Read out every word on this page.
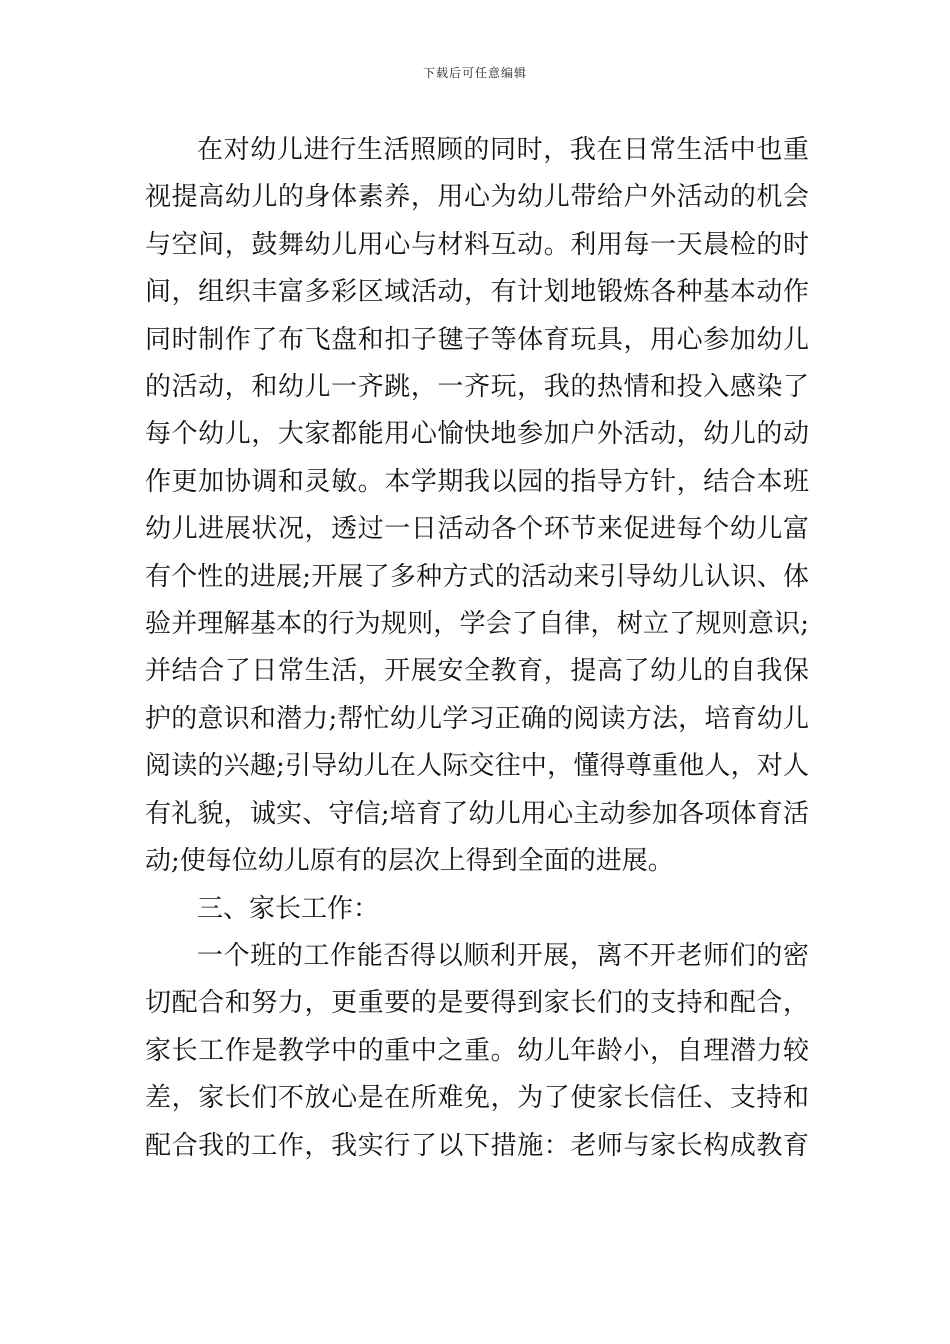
下载后可任意编辑
在对幼儿进行生活照顾的同时，我在日常生活中也重
视提高幼儿的身体素养，用心为幼儿带给户外活动的机会
与空间，鼓舞幼儿用心与材料互动。利用每一天晨检的时
间，组织丰富多彩区域活动，有计划地锻炼各种基本动作
同时制作了布飞盘和扣子毽子等体育玩具，用心参加幼儿
的活动，和幼儿一齐跳，一齐玩，我的热情和投入感染了
每个幼儿，大家都能用心愉快地参加户外活动，幼儿的动
作更加协调和灵敏。本学期我以园的指导方针，结合本班
幼儿进展状况，透过一日活动各个环节来促进每个幼儿富
有个性的进展;开展了多种方式的活动来引导幼儿认识、体
验并理解基本的行为规则，学会了自律，树立了规则意识;
并结合了日常生活，开展安全教育，提高了幼儿的自我保
护的意识和潜力;帮忙幼儿学习正确的阅读方法，培育幼儿
阅读的兴趣;引导幼儿在人际交往中，懂得尊重他人，对人
有礼貌，诚实、守信;培育了幼儿用心主动参加各项体育活
动;使每位幼儿原有的层次上得到全面的进展。
三、家长工作：
一个班的工作能否得以顺利开展，离不开老师们的密
切配合和努力，更重要的是要得到家长们的支持和配合，
家长工作是教学中的重中之重。幼儿年龄小，自理潜力较
差，家长们不放心是在所难免，为了使家长信任、支持和
配合我的工作，我实行了以下措施：老师与家长构成教育
